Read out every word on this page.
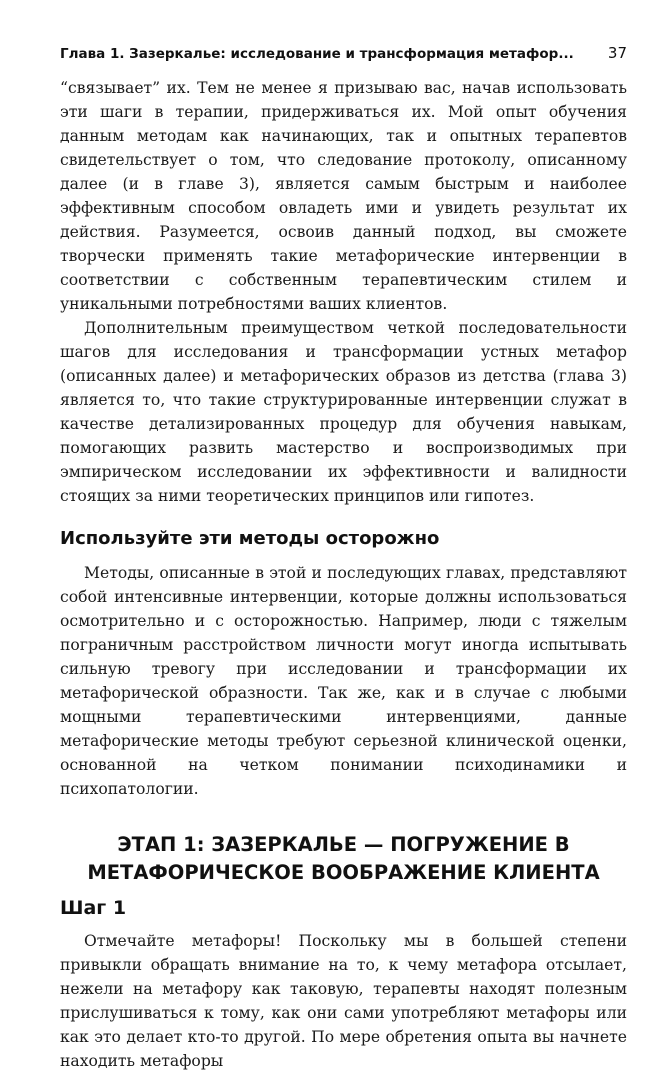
Глава 1. Зазеркалье: исследование и трансформация метафор... 37

“связывает” их. Тем не менее я призываю вас, начав использовать эти шаги в терапии, придерживаться их. Мой опыт обучения данным методам как начинающих, так и опытных терапевтов свидетельствует о том, что следование протоколу, описанному далее (и в главе 3), является самым быстрым и наиболее эффективным способом овладеть ими и увидеть результат их действия. Разумеется, освоив данный подход, вы сможете творчески применять такие метафорические интервенции в соответствии с собственным терапевтическим стилем и уникальными потребностями ваших клиентов.

Дополнительным преимуществом четкой последовательности шагов для исследования и трансформации устных метафор (описанных далее) и метафорических образов из детства (глава 3) является то, что такие структурированные интервенции служат в качестве детализированных процедур для обучения навыкам, помогающих развить мастерство и воспроизводимых при эмпирическом исследовании их эффективности и валидности стоящих за ними теоретических принципов или гипотез.

Используйте эти методы осторожно

Методы, описанные в этой и последующих главах, представляют собой интенсивные интервенции, которые должны использоваться осмотрительно и с осторожностью. Например, люди с тяжелым пограничным расстройством личности могут иногда испытывать сильную тревогу при исследовании и трансформации их метафорической образности. Так же, как и в случае с любыми мощными терапевтическими интервенциями, данные метафорические методы требуют серьезной клинической оценки, основанной на четком понимании психодинамики и психопатологии.

ЭТАП 1: ЗАЗЕРКАЛЬЕ — ПОГРУЖЕНИЕ В
МЕТАФОРИЧЕСКОЕ ВООБРАЖЕНИЕ КЛИЕНТА
Шаг 1

Отмечайте метафоры! Поскольку мы в большей степени привыкли обращать внимание на то, к чему метафора отсылает, нежели на метафору как таковую, терапевты находят полезным прислушиваться к тому, как они сами употребляют метафоры или как это делает кто-то другой. По мере обретения опыта вы начнете находить метафоры
